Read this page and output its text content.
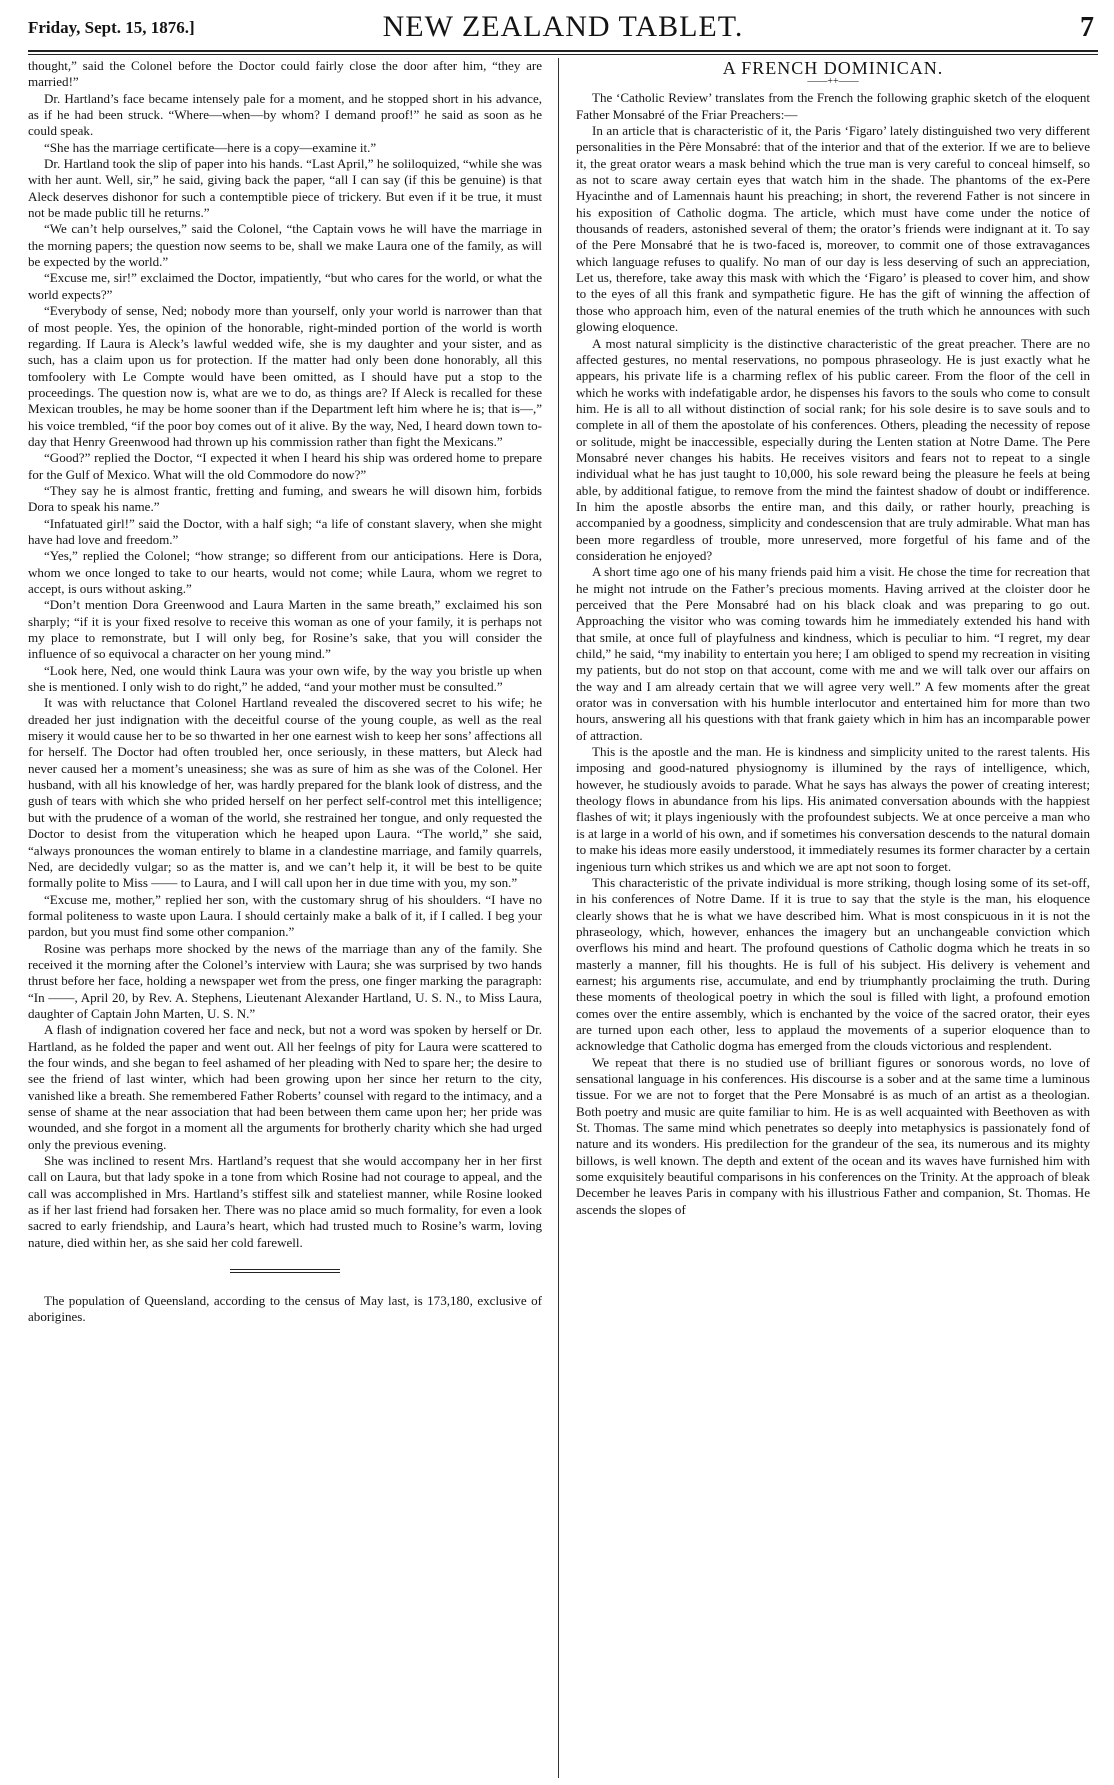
Friday, Sept. 15, 1876.]	NEW ZEALAND TABLET.	7

thought,” said the Colonel before the Doctor could fairly close the door after him, “they are married!”

Dr. Hartland’s face became intensely pale for a moment, and he stopped short in his advance, as if he had been struck. “Where—when—by whom? I demand proof!” he said as soon as he could speak.

“She has the marriage certificate—here is a copy—examine it.”

Dr. Hartland took the slip of paper into his hands. “Last April,” he soliloquized, “while she was with her aunt. Well, sir,” he said, giving back the paper, “all I can say (if this be genuine) is that Aleck deserves dishonor for such a contemptible piece of trickery. But even if it be true, it must not be made public till he returns.”

“We can’t help ourselves,” said the Colonel, “the Captain vows he will have the marriage in the morning papers; the question now seems to be, shall we make Laura one of the family, as will be expected by the world.”

“Excuse me, sir!” exclaimed the Doctor, impatiently, “but who cares for the world, or what the world expects?”

“Everybody of sense, Ned; nobody more than yourself, only your world is narrower than that of most people. Yes, the opinion of the honorable, right-minded portion of the world is worth regarding. If Laura is Aleck’s lawful wedded wife, she is my daughter and your sister, and as such, has a claim upon us for protection. If the matter had only been done honorably, all this tomfoolery with Le Compte would have been omitted, as I should have put a stop to the proceedings. The question now is, what are we to do, as things are? If Aleck is recalled for these Mexican troubles, he may be home sooner than if the Department left him where he is; that is—,” his voice trembled, “if the poor boy comes out of it alive. By the way, Ned, I heard down town to-day that Henry Greenwood had thrown up his commission rather than fight the Mexicans.”

“Good?” replied the Doctor, “I expected it when I heard his ship was ordered home to prepare for the Gulf of Mexico. What will the old Commodore do now?”

“They say he is almost frantic, fretting and fuming, and swears he will disown him, forbids Dora to speak his name.”

“Infatuated girl!” said the Doctor, with a half sigh; “a life of constant slavery, when she might have had love and freedom.”

“Yes,” replied the Colonel; “how strange; so different from our anticipations. Here is Dora, whom we once longed to take to our hearts, would not come; while Laura, whom we regret to accept, is ours without asking.”

“Don’t mention Dora Greenwood and Laura Marten in the same breath,” exclaimed his son sharply; “if it is your fixed resolve to receive this woman as one of your family, it is perhaps not my place to remonstrate, but I will only beg, for Rosine’s sake, that you will consider the influence of so equivocal a character on her young mind.”

“Look here, Ned, one would think Laura was your own wife, by the way you bristle up when she is mentioned. I only wish to do right,” he added, “and your mother must be consulted.”

It was with reluctance that Colonel Hartland revealed the discovered secret to his wife; he dreaded her just indignation with the deceitful course of the young couple, as well as the real misery it would cause her to be so thwarted in her one earnest wish to keep her sons’ affections all for herself. The Doctor had often troubled her, once seriously, in these matters, but Aleck had never caused her a moment’s uneasiness; she was as sure of him as she was of the Colonel. Her husband, with all his knowledge of her, was hardly prepared for the blank look of distress, and the gush of tears with which she who prided herself on her perfect self-control met this intelligence; but with the prudence of a woman of the world, she restrained her tongue, and only requested the Doctor to desist from the vituperation which he heaped upon Laura. “The world,” she said, “always pronounces the woman entirely to blame in a clandestine marriage, and family quarrels, Ned, are decidedly vulgar; so as the matter is, and we can’t help it, it will be best to be quite formally polite to Miss —— to Laura, and I will call upon her in due time with you, my son.”

“Excuse me, mother,” replied her son, with the customary shrug of his shoulders. “I have no formal politeness to waste upon Laura. I should certainly make a balk of it, if I called. I beg your pardon, but you must find some other companion.”

Rosine was perhaps more shocked by the news of the marriage than any of the family. She received it the morning after the Colonel’s interview with Laura; she was surprised by two hands thrust before her face, holding a newspaper wet from the press, one finger marking the paragraph: “In ——, April 20, by Rev. A. Stephens, Lieutenant Alexander Hartland, U. S. N., to Miss Laura, daughter of Captain John Marten, U. S. N.”

A flash of indignation covered her face and neck, but not a word was spoken by herself or Dr. Hartland, as he folded the paper and went out. All her feelngs of pity for Laura were scattered to the four winds, and she began to feel ashamed of her pleading with Ned to spare her; the desire to see the friend of last winter, which had been growing upon her since her return to the city, vanished like a breath. She remembered Father Roberts’ counsel with regard to the intimacy, and a sense of shame at the near association that had been between them came upon her; her pride was wounded, and she forgot in a moment all the arguments for brotherly charity which she had urged only the previous evening.

She was inclined to resent Mrs. Hartland’s request that she would accompany her in her first call on Laura, but that lady spoke in a tone from which Rosine had not courage to appeal, and the call was accomplished in Mrs. Hartland’s stiffest silk and stateliest manner, while Rosine looked as if her last friend had forsaken her. There was no place amid so much formality, for even a look sacred to early friendship, and Laura’s heart, which had trusted much to Rosine’s warm, loving nature, died within her, as she said her cold farewell.

The population of Queensland, according to the census of May last, is 173,180, exclusive of aborigines.

A FRENCH DOMINICAN.
——++——

The ‘Catholic Review’ translates from the French the following graphic sketch of the eloquent Father Monsabré of the Friar Preachers:—

In an article that is characteristic of it, the Paris ‘Figaro’ lately distinguished two very different personalities in the Père Monsabré: that of the interior and that of the exterior. If we are to believe it, the great orator wears a mask behind which the true man is very careful to conceal himself, so as not to scare away certain eyes that watch him in the shade. The phantoms of the ex-Pere Hyacinthe and of Lamennais haunt his preaching; in short, the reverend Father is not sincere in his exposition of Catholic dogma. The article, which must have come under the notice of thousands of readers, astonished several of them; the orator’s friends were indignant at it. To say of the Pere Monsabré that he is two-faced is, moreover, to commit one of those extravagances which language refuses to qualify. No man of our day is less deserving of such an appreciation, Let us, therefore, take away this mask with which the ‘Figaro’ is pleased to cover him, and show to the eyes of all this frank and sympathetic figure. He has the gift of winning the affection of those who approach him, even of the natural enemies of the truth which he announces with such glowing eloquence.

A most natural simplicity is the distinctive characteristic of the great preacher. There are no affected gestures, no mental reservations, no pompous phraseology. He is just exactly what he appears, his private life is a charming reflex of his public career. From the floor of the cell in which he works with indefatigable ardor, he dispenses his favors to the souls who come to consult him. He is all to all without distinction of social rank; for his sole desire is to save souls and to complete in all of them the apostolate of his conferences. Others, pleading the necessity of repose or solitude, might be inaccessible, especially during the Lenten station at Notre Dame. The Pere Monsabré never changes his habits. He receives visitors and fears not to repeat to a single individual what he has just taught to 10,000, his sole reward being the pleasure he feels at being able, by additional fatigue, to remove from the mind the faintest shadow of doubt or indifference. In him the apostle absorbs the entire man, and this daily, or rather hourly, preaching is accompanied by a goodness, simplicity and condescension that are truly admirable. What man has been more regardless of trouble, more unreserved, more forgetful of his fame and of the consideration he enjoyed?

A short time ago one of his many friends paid him a visit. He chose the time for recreation that he might not intrude on the Father’s precious moments. Having arrived at the cloister door he perceived that the Pere Monsabré had on his black cloak and was preparing to go out. Approaching the visitor who was coming towards him he immediately extended his hand with that smile, at once full of playfulness and kindness, which is peculiar to him. “I regret, my dear child,” he said, “my inability to entertain you here; I am obliged to spend my recreation in visiting my patients, but do not stop on that account, come with me and we will talk over our affairs on the way and I am already certain that we will agree very well.” A few moments after the great orator was in conversation with his humble interlocutor and entertained him for more than two hours, answering all his questions with that frank gaiety which in him has an incomparable power of attraction.

This is the apostle and the man. He is kindness and simplicity united to the rarest talents. His imposing and good-natured physiognomy is illumined by the rays of intelligence, which, however, he studiously avoids to parade. What he says has always the power of creating interest; theology flows in abundance from his lips. His animated conversation abounds with the happiest flashes of wit; it plays ingeniously with the profoundest subjects. We at once perceive a man who is at large in a world of his own, and if sometimes his conversation descends to the natural domain to make his ideas more easily understood, it immediately resumes its former character by a certain ingenious turn which strikes us and which we are apt not soon to forget.

This characteristic of the private individual is more striking, though losing some of its set-off, in his conferences of Notre Dame. If it is true to say that the style is the man, his eloquence clearly shows that he is what we have described him. What is most conspicuous in it is not the phraseology, which, however, enhances the imagery but an unchangeable conviction which overflows his mind and heart. The profound questions of Catholic dogma which he treats in so masterly a manner, fill his thoughts. He is full of his subject. His delivery is vehement and earnest; his arguments rise, accumulate, and end by triumphantly proclaiming the truth. During these moments of theological poetry in which the soul is filled with light, a profound emotion comes over the entire assembly, which is enchanted by the voice of the sacred orator, their eyes are turned upon each other, less to applaud the movements of a superior eloquence than to acknowledge that Catholic dogma has emerged from the clouds victorious and resplendent.

We repeat that there is no studied use of brilliant figures or sonorous words, no love of sensational language in his conferences. His discourse is a sober and at the same time a luminous tissue. For we are not to forget that the Pere Monsabré is as much of an artist as a theologian. Both poetry and music are quite familiar to him. He is as well acquainted with Beethoven as with St. Thomas. The same mind which penetrates so deeply into metaphysics is passionately fond of nature and its wonders. His predilection for the grandeur of the sea, its numerous and its mighty billows, is well known. The depth and extent of the ocean and its waves have furnished him with some exquisitely beautiful comparisons in his conferences on the Trinity. At the approach of bleak December he leaves Paris in company with his illustrious Father and companion, St. Thomas. He ascends the slopes of
